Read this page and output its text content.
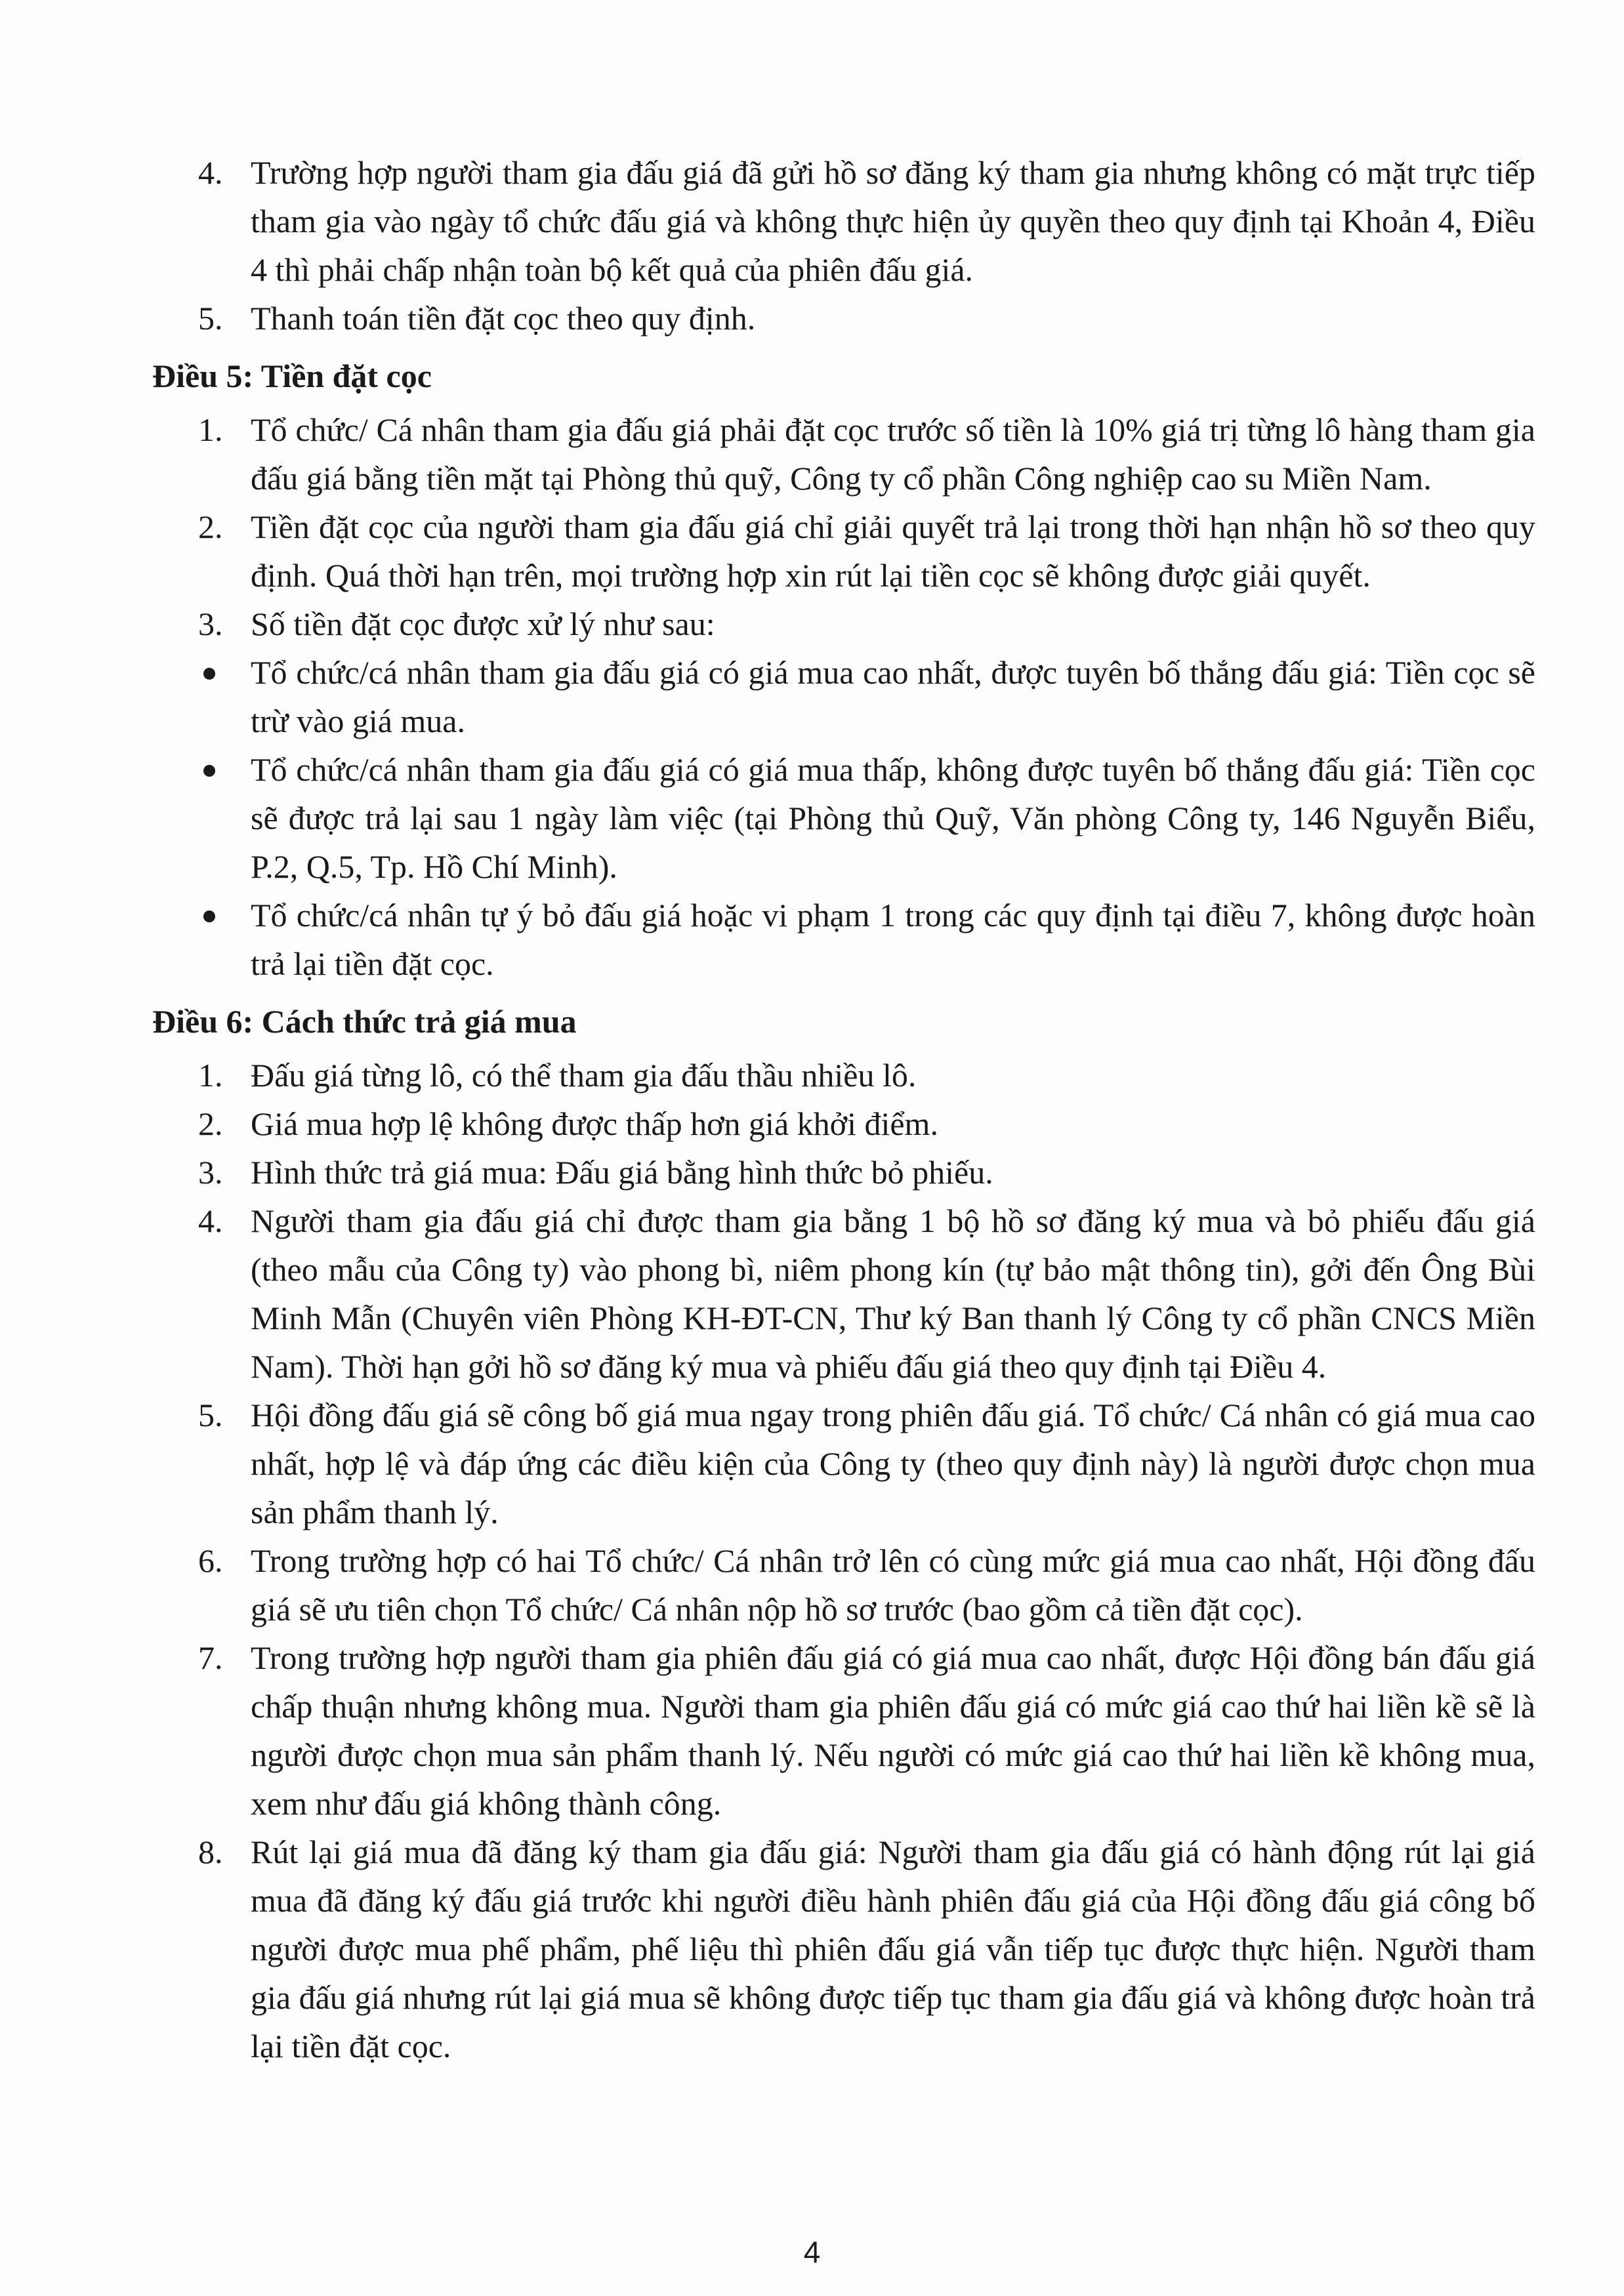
4. Trường hợp người tham gia đấu giá đã gửi hồ sơ đăng ký tham gia nhưng không có mặt trực tiếp tham gia vào ngày tổ chức đấu giá và không thực hiện ủy quyền theo quy định tại Khoản 4, Điều 4 thì phải chấp nhận toàn bộ kết quả của phiên đấu giá.
5. Thanh toán tiền đặt cọc theo quy định.
Điều 5: Tiền đặt cọc
1. Tổ chức/ Cá nhân tham gia đấu giá phải đặt cọc trước số tiền là 10% giá trị từng lô hàng tham gia đấu giá bằng tiền mặt tại Phòng thủ quỹ, Công ty cổ phần Công nghiệp cao su Miền Nam.
2. Tiền đặt cọc của người tham gia đấu giá chỉ giải quyết trả lại trong thời hạn nhận hồ sơ theo quy định. Quá thời hạn trên, mọi trường hợp xin rút lại tiền cọc sẽ không được giải quyết.
3. Số tiền đặt cọc được xử lý như sau:
Tổ chức/cá nhân tham gia đấu giá có giá mua cao nhất, được tuyên bố thắng đấu giá: Tiền cọc sẽ trừ vào giá mua.
Tổ chức/cá nhân tham gia đấu giá có giá mua thấp, không được tuyên bố thắng đấu giá: Tiền cọc sẽ được trả lại sau 1 ngày làm việc (tại Phòng thủ Quỹ, Văn phòng Công ty, 146 Nguyễn Biểu, P.2, Q.5, Tp. Hồ Chí Minh).
Tổ chức/cá nhân tự ý bỏ đấu giá hoặc vi phạm 1 trong các quy định tại điều 7, không được hoàn trả lại tiền đặt cọc.
Điều 6: Cách thức trả giá mua
1. Đấu giá từng lô, có thể tham gia đấu thầu nhiều lô.
2. Giá mua hợp lệ không được thấp hơn giá khởi điểm.
3. Hình thức trả giá mua: Đấu giá bằng hình thức bỏ phiếu.
4. Người tham gia đấu giá chỉ được tham gia bằng 1 bộ hồ sơ đăng ký mua và bỏ phiếu đấu giá (theo mẫu của Công ty) vào phong bì, niêm phong kín (tự bảo mật thông tin), gởi đến Ông Bùi Minh Mẫn (Chuyên viên Phòng KH-ĐT-CN, Thư ký Ban thanh lý Công ty cổ phần CNCS Miền Nam). Thời hạn gởi hồ sơ đăng ký mua và phiếu đấu giá theo quy định tại Điều 4.
5. Hội đồng đấu giá sẽ công bố giá mua ngay trong phiên đấu giá. Tổ chức/ Cá nhân có giá mua cao nhất, hợp lệ và đáp ứng các điều kiện của Công ty (theo quy định này) là người được chọn mua sản phẩm thanh lý.
6. Trong trường hợp có hai Tổ chức/ Cá nhân trở lên có cùng mức giá mua cao nhất, Hội đồng đấu giá sẽ ưu tiên chọn Tổ chức/ Cá nhân nộp hồ sơ trước (bao gồm cả tiền đặt cọc).
7. Trong trường hợp người tham gia phiên đấu giá có giá mua cao nhất, được Hội đồng bán đấu giá chấp thuận nhưng không mua. Người tham gia phiên đấu giá có mức giá cao thứ hai liền kề sẽ là người được chọn mua sản phẩm thanh lý. Nếu người có mức giá cao thứ hai liền kề không mua, xem như đấu giá không thành công.
8. Rút lại giá mua đã đăng ký tham gia đấu giá: Người tham gia đấu giá có hành động rút lại giá mua đã đăng ký đấu giá trước khi người điều hành phiên đấu giá của Hội đồng đấu giá công bố người được mua phế phẩm, phế liệu thì phiên đấu giá vẫn tiếp tục được thực hiện. Người tham gia đấu giá nhưng rút lại giá mua sẽ không được tiếp tục tham gia đấu giá và không được hoàn trả lại tiền đặt cọc.
4
